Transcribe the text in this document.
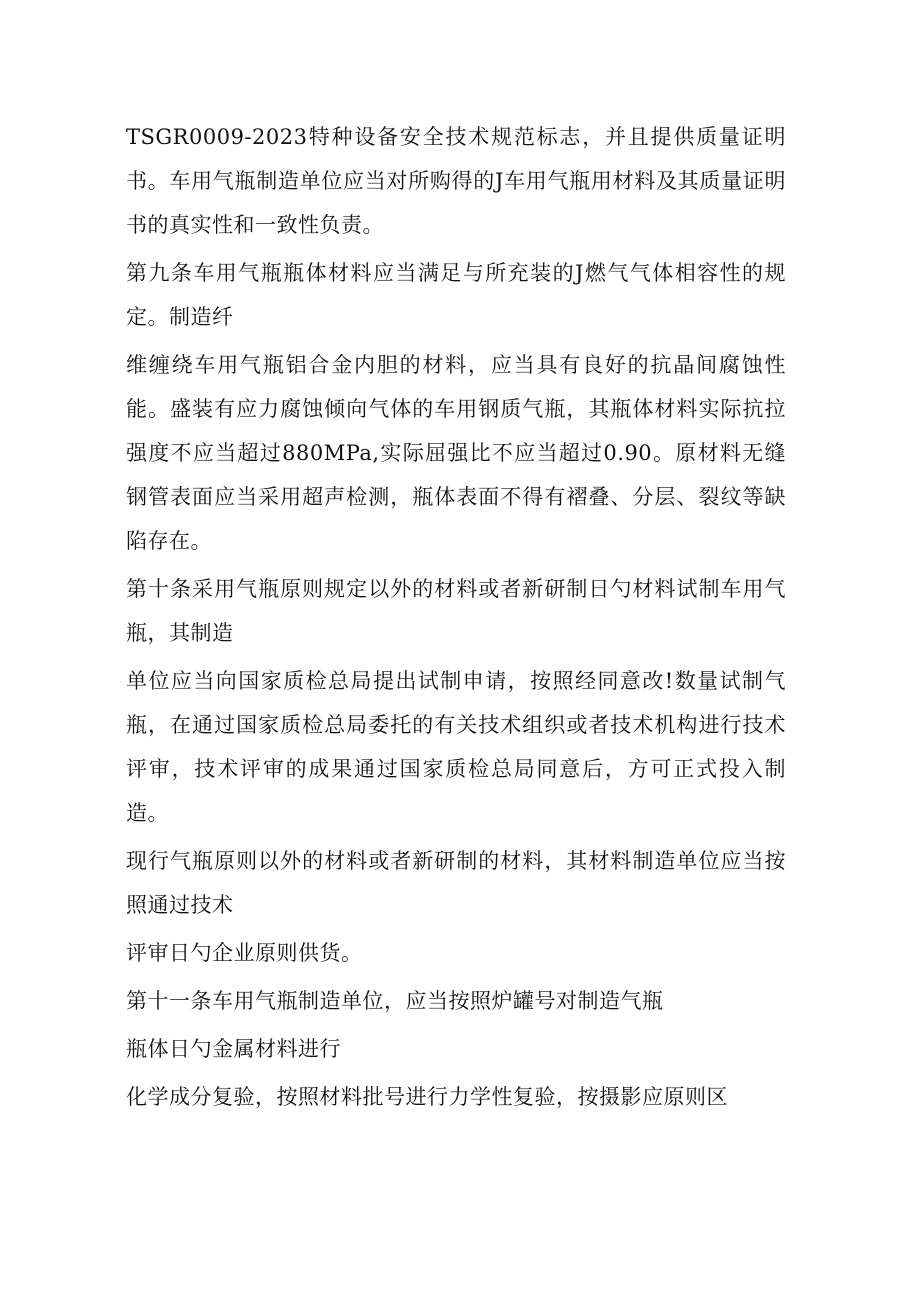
TSGR0009-2023特种设备安全技术规范标志，并且提供质量证明书。车用气瓶制造单位应当对所购得的J车用气瓶用材料及其质量证明书的真实性和一致性负责。

第九条车用气瓶瓶体材料应当满足与所充装的J燃气气体相容性的规定。制造纤

维缠绕车用气瓶铝合金内胆的材料，应当具有良好的抗晶间腐蚀性能。盛装有应力腐蚀倾向气体的车用钢质气瓶，其瓶体材料实际抗拉强度不应当超过880MPa,实际屈强比不应当超过0.90。原材料无缝钢管表面应当采用超声检测，瓶体表面不得有褶叠、分层、裂纹等缺陷存在。

第十条采用气瓶原则规定以外的材料或者新研制日勺材料试制车用气瓶，其制造

单位应当向国家质检总局提出试制申请，按照经同意改!数量试制气瓶，在通过国家质检总局委托的有关技术组织或者技术机构进行技术评审，技术评审的成果通过国家质检总局同意后，方可正式投入制造。

现行气瓶原则以外的材料或者新研制的材料，其材料制造单位应当按照通过技术

评审日勺企业原则供货。

第十一条车用气瓶制造单位，应当按照炉罐号对制造气瓶

瓶体日勺金属材料进行

化学成分复验，按照材料批号进行力学性复验，按摄影应原则区
